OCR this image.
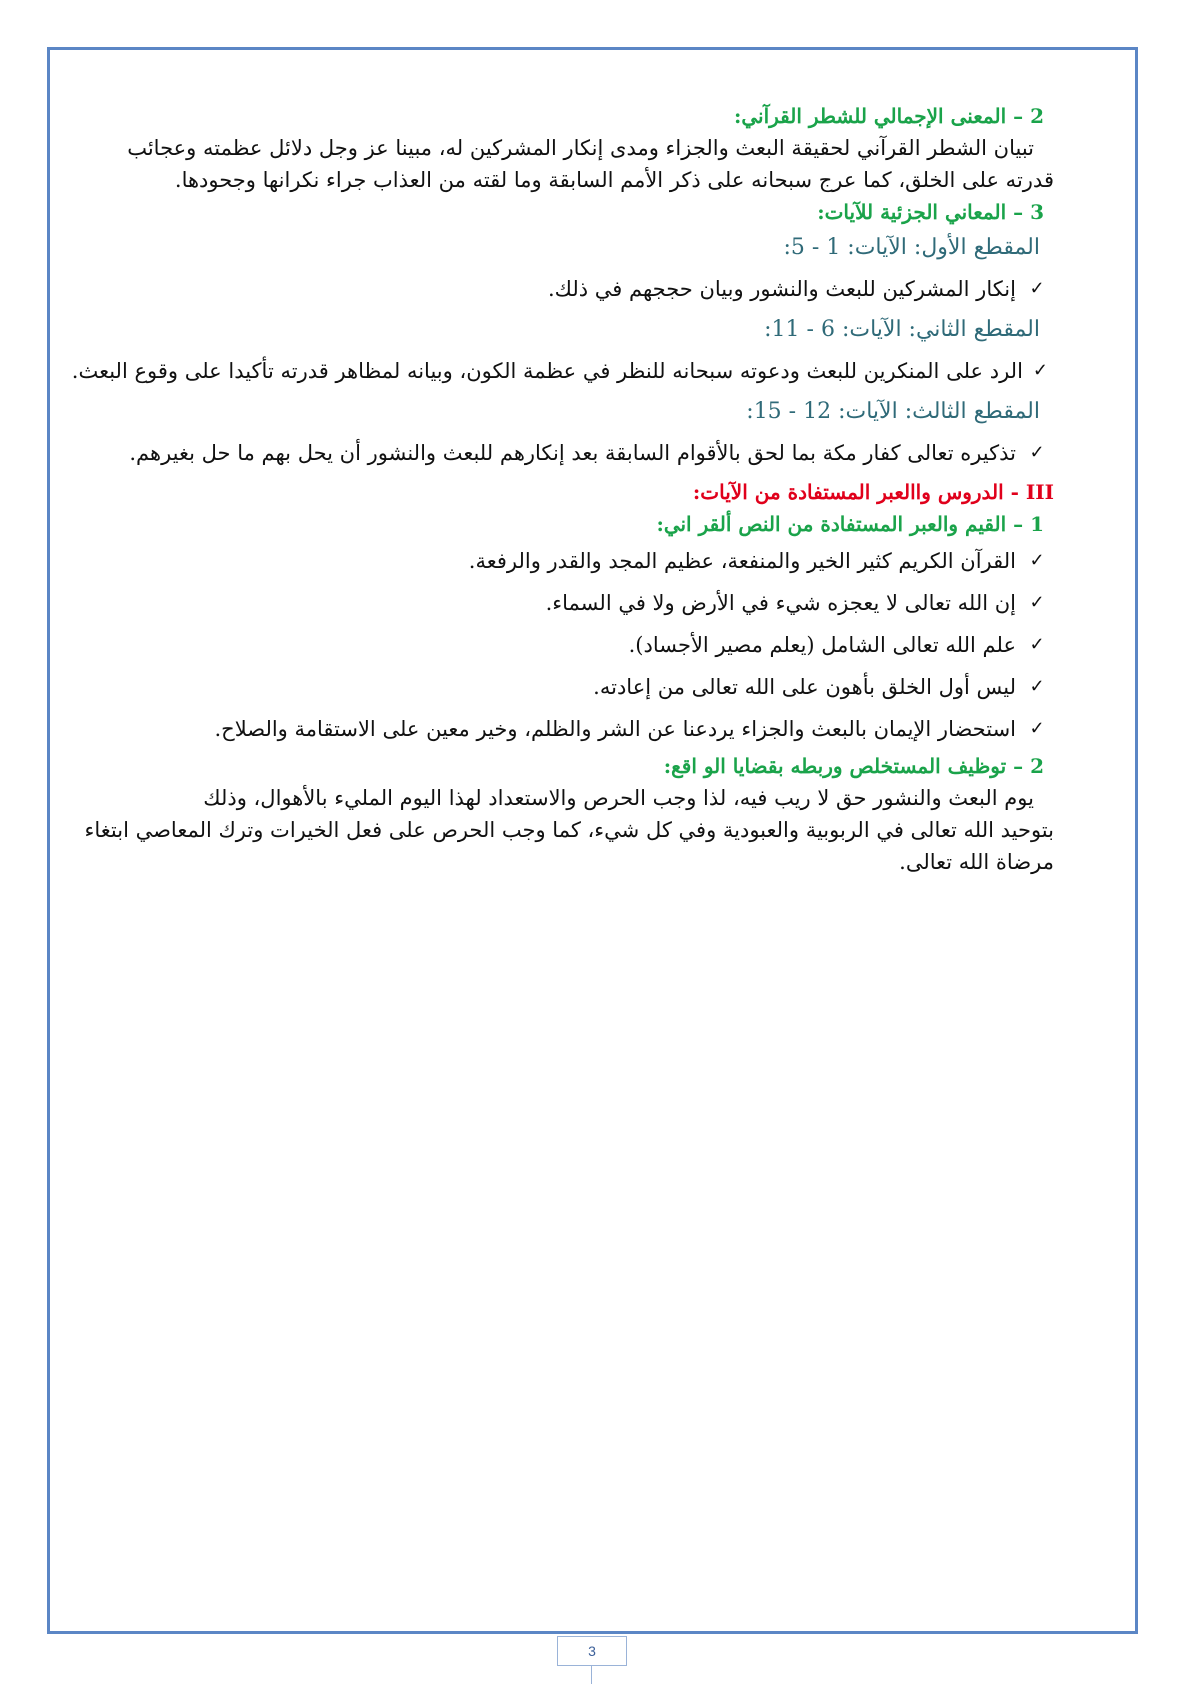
2 – المعنى الإجمالي للشطر القرآني:
تبيان الشطر القرآني لحقيقة البعث والجزاء ومدى إنكار المشركين له، مبينا عز وجل دلائل عظمته وعجائب
قدرته على الخلق، كما عرج سبحانه على ذكر الأمم السابقة وما لقته من العذاب جراء نكرانها وجحودها.
3 – المعاني الجزئية للآيات:
المقطع الأول: الآيات: 1 - 5:
✓
إنكار المشركين للبعث والنشور وبيان حججهم في ذلك.
المقطع الثاني: الآيات: 6 - 11:
✓
الرد على المنكرين للبعث ودعوته سبحانه للنظر في عظمة الكون، وبيانه لمظاهر قدرته تأكيدا على وقوع البعث.
المقطع الثالث: الآيات: 12 - 15:
✓
تذكيره تعالى كفار مكة بما لحق بالأقوام السابقة بعد إنكارهم للبعث والنشور أن يحل بهم ما حل بغيرهم.
III - الدروس واالعبر المستفادة من الآيات:
1 – القيم والعبر المستفادة من النص ألقر اني:
✓
القرآن الكريم كثير الخير والمنفعة، عظيم المجد والقدر والرفعة.
✓
إن الله تعالى لا يعجزه شيء في الأرض ولا في السماء.
✓
علم الله تعالى الشامل (يعلم مصير الأجساد).
✓
ليس أول الخلق بأهون على الله تعالى من إعادته.
✓
استحضار الإيمان بالبعث والجزاء يردعنا عن الشر والظلم، وخير معين على الاستقامة والصلاح.
2 – توظيف المستخلص وربطه بقضايا الو اقع:
يوم البعث والنشور حق لا ريب فيه، لذا وجب الحرص والاستعداد لهذا اليوم المليء بالأهوال، وذلك
بتوحيد الله تعالى في الربوبية والعبودية وفي كل شيء، كما وجب الحرص على فعل الخيرات وترك المعاصي ابتغاء
مرضاة الله تعالى.
3
